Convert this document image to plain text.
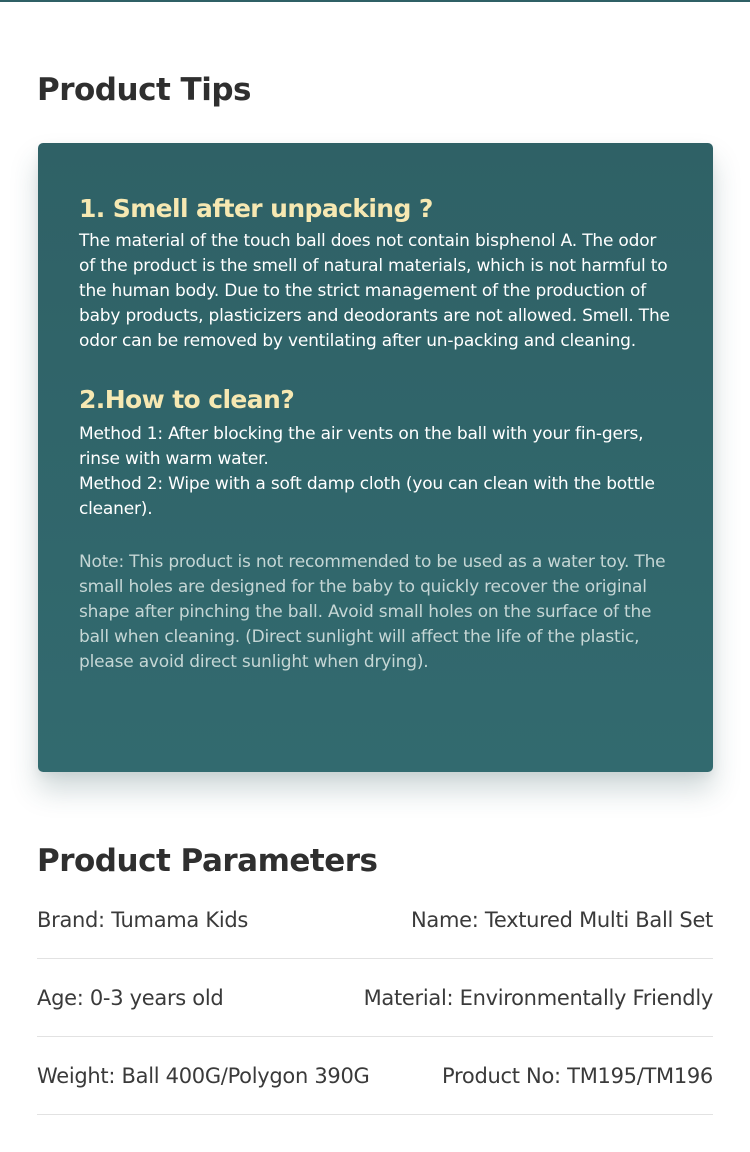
Product Tips
1. Smell after unpacking ?

The material of the touch ball does not contain bisphenol A. The odor of the product is the smell of natural materials, which is not harmful to the human body. Due to the strict management of the production of baby products, plasticizers and deodorants are not allowed. Smell. The odor can be removed by ventilating after un-packing and cleaning.

2.How to clean?
Method 1: After blocking the air vents on the ball with your fin-gers, rinse with warm water.
Method 2: Wipe with a soft damp cloth (you can clean with the bottle cleaner).

Note: This product is not recommended to be used as a water toy. The small holes are designed for the baby to quickly recover the original shape after pinching the ball. Avoid small holes on the surface of the ball when cleaning. (Direct sunlight will affect the life of the plastic, please avoid direct sunlight when drying).

Product Parameters
Brand: Tumama Kids	Name: Textured Multi Ball Set
Age: 0-3 years old	Material: Environmentally Friendly
Weight: Ball 400G/Polygon 390G	Product No: TM195/TM196
